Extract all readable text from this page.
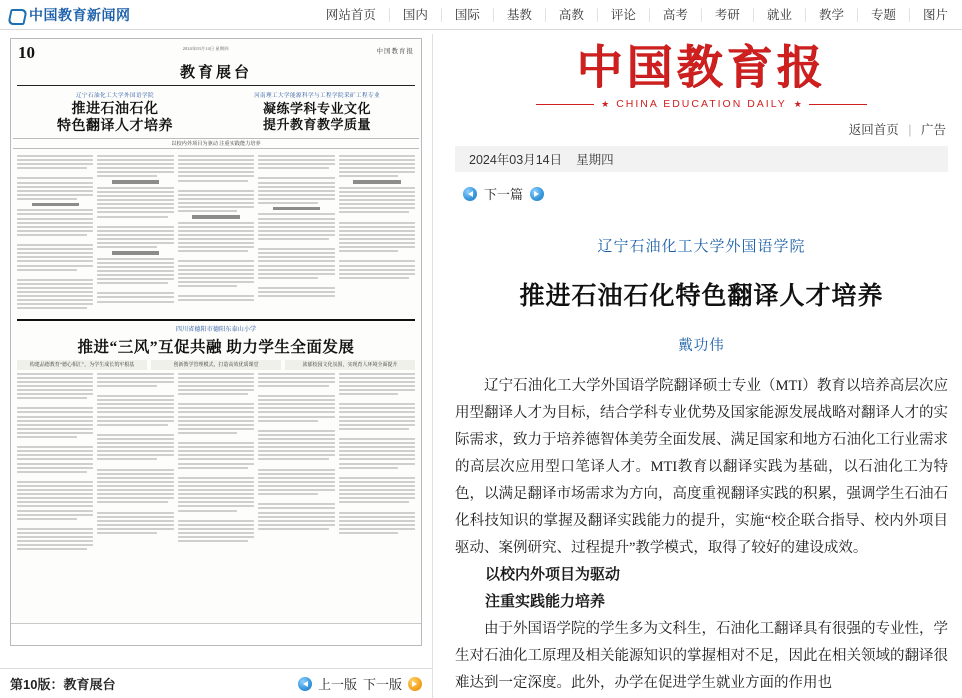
中国教育新闻网	网站首页	国内	国际	基教	高教	评论	高考	考研	就业	教学	专题	图片
10	2024年03月14日 星期四	中国教育报
教育展台
辽宁石油化工大学外国语学院
推进石油石化
特色翻译人才培养
河南理工大学能源科学与工程学院采矿工程专业
凝练学科专业文化
提升教育教学质量
以校内外项目为驱动 注重实践能力培养
四川省德阳市德阳东泰山小学
推进“三风”互促共融 助力学生全面发展
构建品德教育“德心相汇”，为学生成长筑牢根基	创新教学管理模式，打造高效优质课堂	浓郁校园文化氛围，实现育人环境全面提升
第10版：教育展台	上一版 下一版
中国教育报
★ CHINA EDUCATION DAILY ★
返回首页 | 广告
2024年03月14日 星期四
下一篇
辽宁石油化工大学外国语学院
推进石油石化特色翻译人才培养
戴功伟

辽宁石油化工大学外国语学院翻译硕士专业（MTI）教育以培养高层次应用型翻译人才为目标，结合学科专业优势及国家能源发展战略对翻译人才的实际需求，致力于培养德智体美劳全面发展、满足国家和地方石油化工行业需求的高层次应用型口笔译人才。MTI教育以翻译实践为基础，以石油化工为特色，以满足翻译市场需求为方向，高度重视翻译实践的积累，强调学生石油石化科技知识的掌握及翻译实践能力的提升，实施“校企联合指导、校内外项目驱动、案例研究、过程提升”教学模式，取得了较好的建设成效。

以校内外项目为驱动

注重实践能力培养

由于外国语学院的学生多为文科生，石油化工翻译具有很强的专业性，学生对石油化工原理及相关能源知识的掌握相对不足，因此在相关领域的翻译很难达到一定深度。此外，办学在促进学生就业方面的作用也
